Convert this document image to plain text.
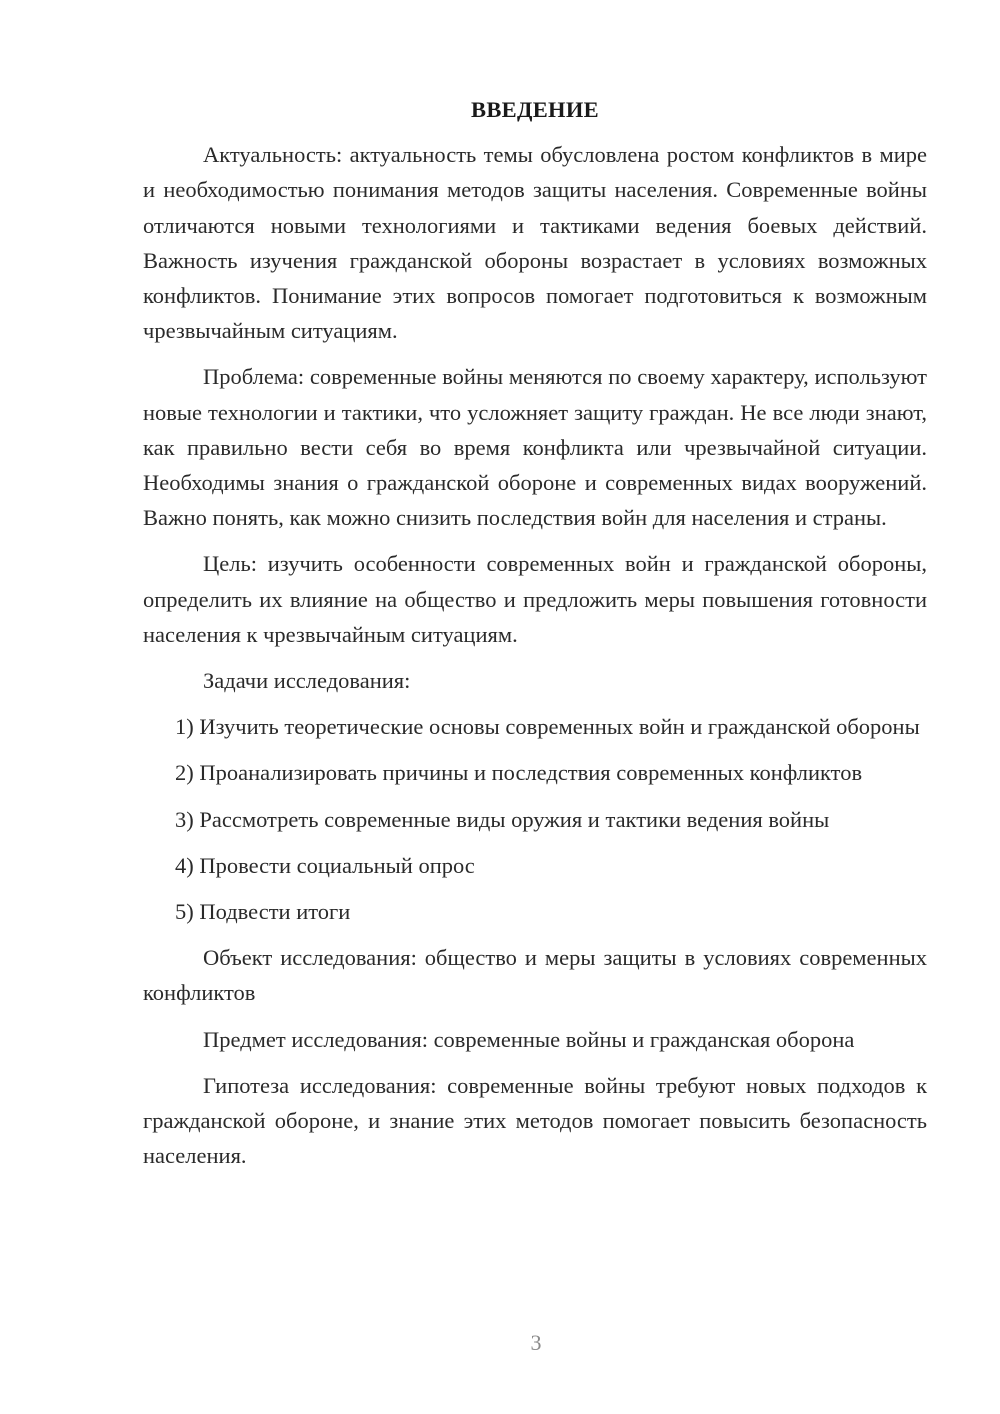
ВВЕДЕНИЕ

Актуальность: актуальность темы обусловлена ростом конфликтов в мире и необходимостью понимания методов защиты населения. Современные войны отличаются новыми технологиями и тактиками ведения боевых действий. Важность изучения гражданской обороны возрастает в условиях возможных конфликтов. Понимание этих вопросов помогает подготовиться к возможным чрезвычайным ситуациям.

Проблема: современные войны меняются по своему характеру, используют новые технологии и тактики, что усложняет защиту граждан. Не все люди знают, как правильно вести себя во время конфликта или чрезвычайной ситуации. Необходимы знания о гражданской обороне и современных видах вооружений. Важно понять, как можно снизить последствия войн для населения и страны.

Цель: изучить особенности современных войн и гражданской обороны, определить их влияние на общество и предложить меры повышения готовности населения к чрезвычайным ситуациям.

Задачи исследования:

1) Изучить теоретические основы современных войн и гражданской обороны

2) Проанализировать причины и последствия современных конфликтов

3) Рассмотреть современные виды оружия и тактики ведения войны

4) Провести социальный опрос

5) Подвести итоги

Объект исследования: общество и меры защиты в условиях современных конфликтов

Предмет исследования: современные войны и гражданская оборона

Гипотеза исследования: современные войны требуют новых подходов к гражданской обороне, и знание этих методов помогает повысить безопасность населения.

3
